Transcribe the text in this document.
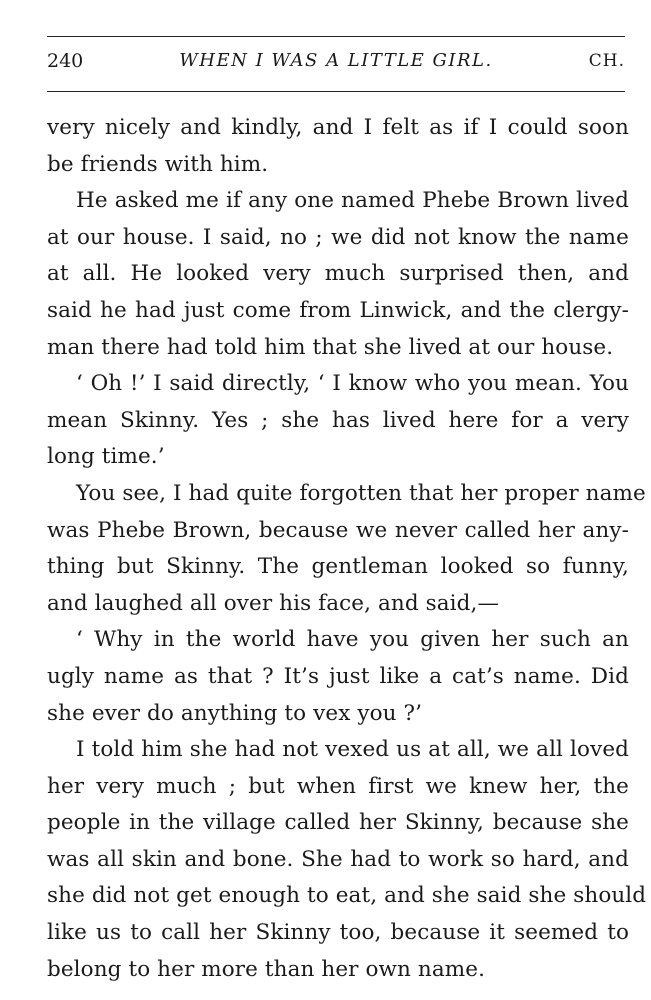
240	WHEN I WAS A LITTLE GIRL.	CH.
very nicely and kindly, and I felt as if I could soon
be friends with him.
He asked me if any one named Phebe Brown lived
at our house. I said, no ; we did not know the name
at all. He looked very much surprised then, and
said he had just come from Linwick, and the clergy-
man there had told him that she lived at our house.
‘ Oh !’ I said directly, ‘ I know who you mean. You
mean Skinny. Yes ; she has lived here for a very
long time.’
You see, I had quite forgotten that her proper name
was Phebe Brown, because we never called her any-
thing but Skinny. The gentleman looked so funny,
and laughed all over his face, and said,—
‘ Why in the world have you given her such an
ugly name as that ? It’s just like a cat’s name. Did
she ever do anything to vex you ?’
I told him she had not vexed us at all, we all loved
her very much ; but when first we knew her, the
people in the village called her Skinny, because she
was all skin and bone. She had to work so hard, and
she did not get enough to eat, and she said she should
like us to call her Skinny too, because it seemed to
belong to her more than her own name.
